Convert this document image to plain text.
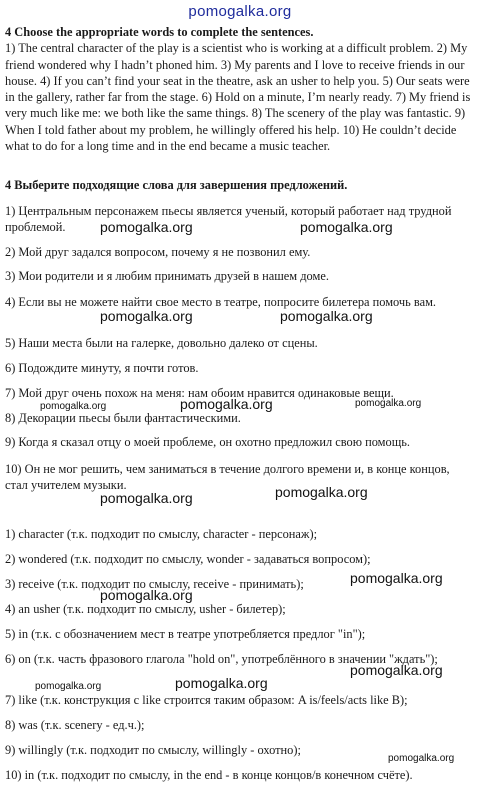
pomogalka.org
4 Choose the appropriate words to complete the sentences.
1) The central character of the play is a scientist who is working at a difficult problem. 2) My friend wondered why I hadn’t phoned him. 3) My parents and I love to receive friends in our house. 4) If you can’t find your seat in the theatre, ask an usher to help you. 5) Our seats were in the gallery, rather far from the stage. 6) Hold on a minute, I’m nearly ready. 7) My friend is very much like me: we both like the same things. 8) The scenery of the play was fantastic. 9) When I told father about my problem, he willingly offered his help. 10) He couldn’t decide what to do for a long time and in the end became a music teacher.
4 Выберите подходящие слова для завершения предложений.
1) Центральным персонажем пьесы является ученый, который работает над трудной проблемой.
2) Мой друг задался вопросом, почему я не позвонил ему.
3) Мои родители и я любим принимать друзей в нашем доме.
4) Если вы не можете найти свое место в театре, попросите билетера помочь вам.
5) Наши места были на галерке, довольно далеко от сцены.
6) Подождите минуту, я почти готов.
7) Мой друг очень похож на меня: нам обоим нравится одинаковые вещи.
8) Декорации пьесы были фантастическими.
9) Когда я сказал отцу о моей проблеме, он охотно предложил свою помощь.
10) Он не мог решить, чем заниматься в течение долгого времени и, в конце концов, стал учителем музыки.
1) character (т.к. подходит по смыслу, character - персонаж);
2) wondered (т.к. подходит по смыслу, wonder - задаваться вопросом);
3) receive (т.к. подходит по смыслу, receive - принимать);
4) an usher (т.к. подходит по смыслу, usher - билетер);
5) in (т.к. с обозначением мест в театре употребляется предлог "in");
6) on (т.к. часть фразового глагола "hold on", употреблённого в значении "ждать");
7) like (т.к. конструкция с like строится таким образом: A is/feels/acts like B);
8) was (т.к. scenery - ед.ч.);
9) willingly (т.к. подходит по смыслу, willingly - охотно);
10) in (т.к. подходит по смыслу, in the end - в конце концов/в конечном счёте).
pomogalka.org	pomogalka.org
pomogalka.org	pomogalka.org
pomogalka.org	pomogalka.org	pomogalka.org
pomogalka.org	pomogalka.org
pomogalka.org
pomogalka.org
pomogalka.org
pomogalka.org	pomogalka.org
pomogalka.org
